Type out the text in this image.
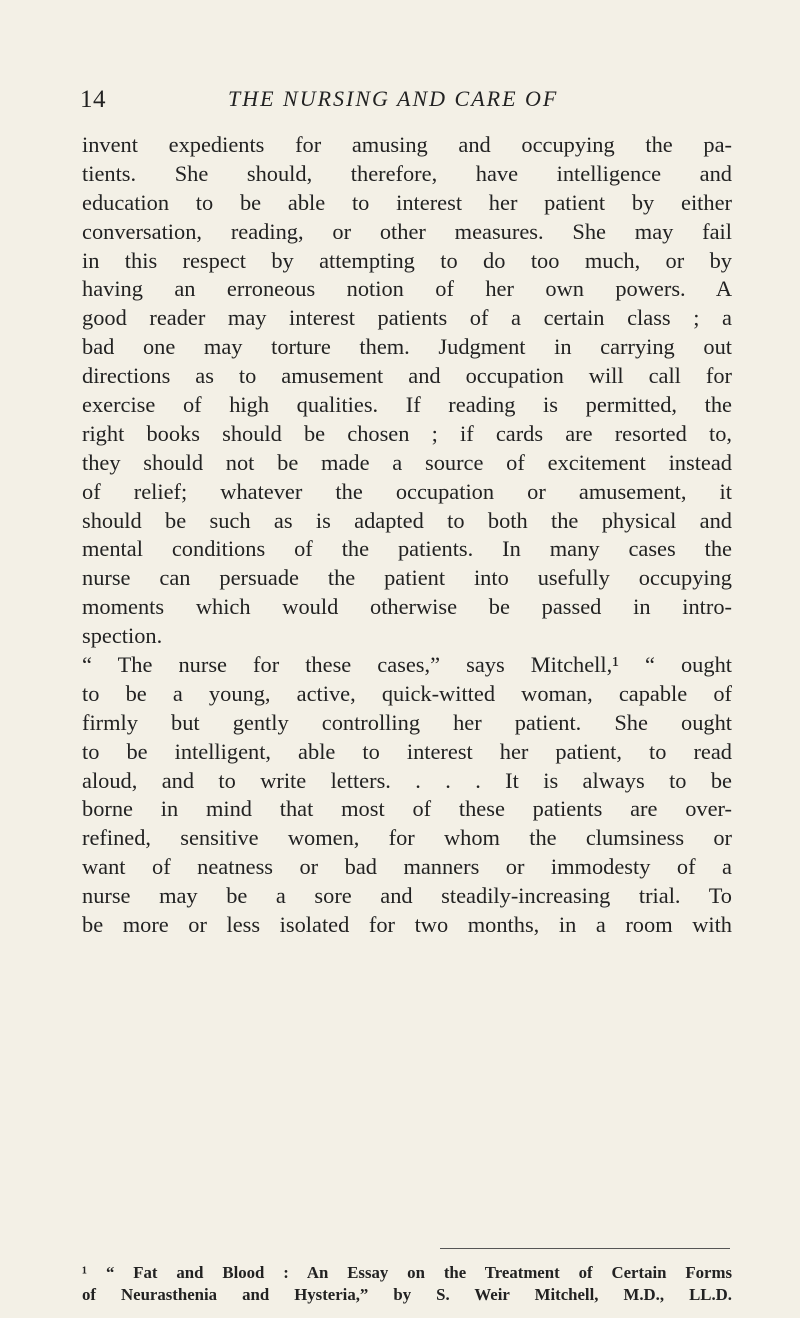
14	THE NURSING AND CARE OF
invent expedients for amusing and occupying the pa-
tients. She should, therefore, have intelligence and
education to be able to interest her patient by either
conversation, reading, or other measures. She may fail
in this respect by attempting to do too much, or by
having an erroneous notion of her own powers. A
good reader may interest patients of a certain class ; a
bad one may torture them. Judgment in carrying out
directions as to amusement and occupation will call for
exercise of high qualities. If reading is permitted, the
right books should be chosen ; if cards are resorted to,
they should not be made a source of excitement instead
of relief; whatever the occupation or amusement, it
should be such as is adapted to both the physical and
mental conditions of the patients. In many cases the
nurse can persuade the patient into usefully occupying
moments which would otherwise be passed in intro-
spection.
“ The nurse for these cases,” says Mitchell,¹ “ ought
to be a young, active, quick-witted woman, capable of
firmly but gently controlling her patient. She ought
to be intelligent, able to interest her patient, to read
aloud, and to write letters. . . . It is always to be
borne in mind that most of these patients are over-
refined, sensitive women, for whom the clumsiness or
want of neatness or bad manners or immodesty of a
nurse may be a sore and steadily-increasing trial. To
be more or less isolated for two months, in a room with
¹ “ Fat and Blood : An Essay on the Treatment of Certain Forms
of Neurasthenia and Hysteria,” by S. Weir Mitchell, M.D., LL.D.
